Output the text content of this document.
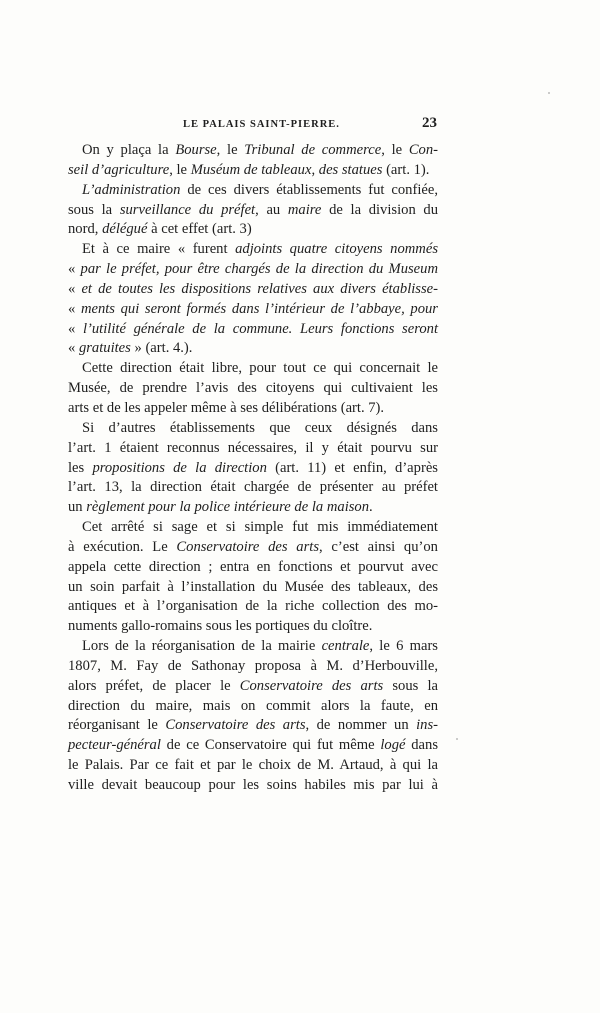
LE PALAIS SAINT-PIERRE.	23
On y plaça la Bourse, le Tribunal de commerce, le Con-
seil d’agriculture, le Muséum de tableaux, des statues (art. 1).
L’administration de ces divers établissements fut confiée,
sous la surveillance du préfet, au maire de la division du
nord, délégué à cet effet (art. 3)
Et à ce maire « furent adjoints quatre citoyens nommés
« par le préfet, pour être chargés de la direction du Museum
« et de toutes les dispositions relatives aux divers établisse-
« ments qui seront formés dans l’intérieur de l’abbaye, pour
« l’utilité générale de la commune. Leurs fonctions seront
« gratuites » (art. 4.).
Cette direction était libre, pour tout ce qui concernait le
Musée, de prendre l’avis des citoyens qui cultivaient les
arts et de les appeler même à ses délibérations (art. 7).
Si d’autres établissements que ceux désignés dans
l’art. 1 étaient reconnus nécessaires, il y était pourvu sur
les propositions de la direction (art. 11) et enfin, d’après
l’art. 13, la direction était chargée de présenter au préfet
un règlement pour la police intérieure de la maison.
Cet arrêté si sage et si simple fut mis immédiatement
à exécution. Le Conservatoire des arts, c’est ainsi qu’on
appela cette direction ; entra en fonctions et pourvut avec
un soin parfait à l’installation du Musée des tableaux, des
antiques et à l’organisation de la riche collection des mo-
numents gallo-romains sous les portiques du cloître.
Lors de la réorganisation de la mairie centrale, le 6 mars
1807, M. Fay de Sathonay proposa à M. d’Herbouville,
alors préfet, de placer le Conservatoire des arts sous la
direction du maire, mais on commit alors la faute, en
réorganisant le Conservatoire des arts, de nommer un ins-
pecteur-général de ce Conservatoire qui fut même logé dans
le Palais. Par ce fait et par le choix de M. Artaud, à qui la
ville devait beaucoup pour les soins habiles mis par lui à
